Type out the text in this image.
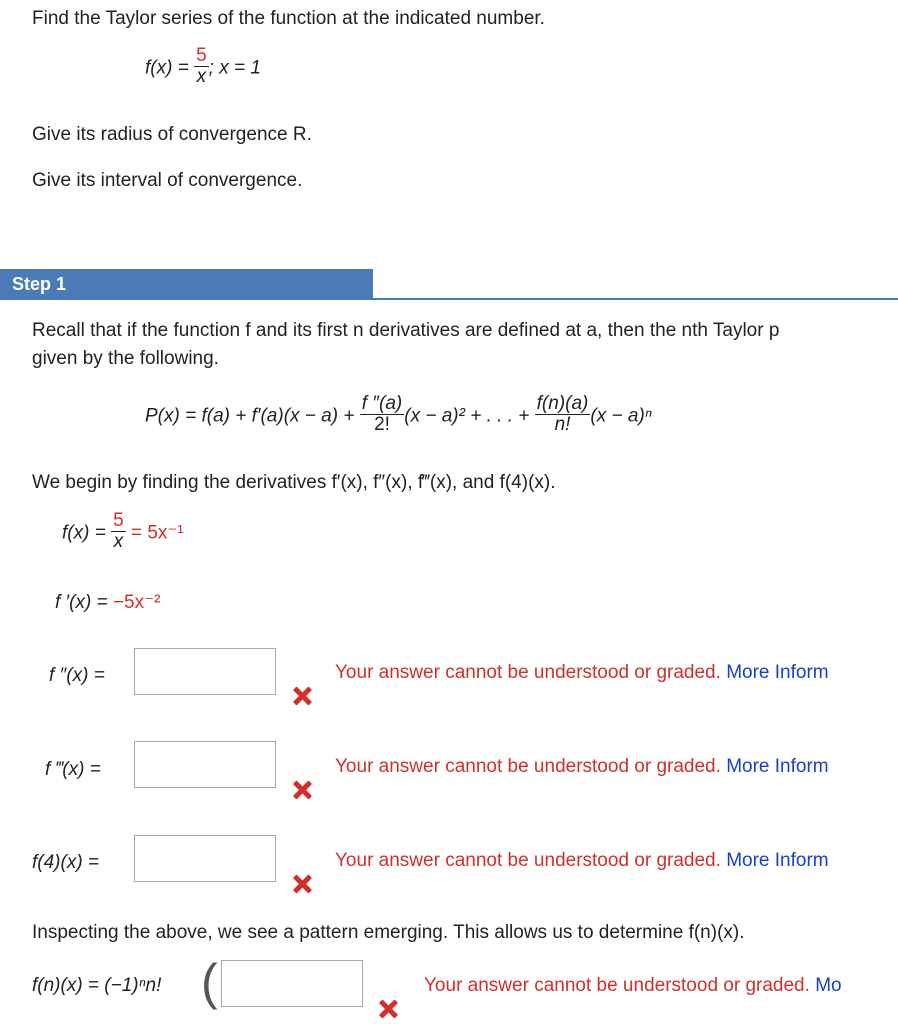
Find the Taylor series of the function at the indicated number.
$f(x) = \frac{5}{x}$ ; x = 1
Give its radius of convergence R.
Give its interval of convergence.
Step 1
Recall that if the function f and its first n derivatives are defined at a, then the nth Taylor p
given by the following.
$P(x) = f(a) + f'(a)(x - a) + \frac{f ''(a)}{2!} (x - a)^2$ + . . . + $\frac{f(n)(a)}{n!} (x - a)^n$
We begin by finding the derivatives f′(x), f″(x), f‴(x), and f(4)(x).
$f(x) = \frac{5}{x} = 5x^{-1}$
f ′(x) = −5x⁻²
f ″(x) =	Your answer cannot be understood or graded. More Inform
f ‴(x) =	Your answer cannot be understood or graded. More Inform
f(4)(x) =	Your answer cannot be understood or graded. More Inform
Inspecting the above, we see a pattern emerging. This allows us to determine f(n)(x).
f(n)(x) = (−1)ⁿn! (	Your answer cannot be understood or graded. Mo
